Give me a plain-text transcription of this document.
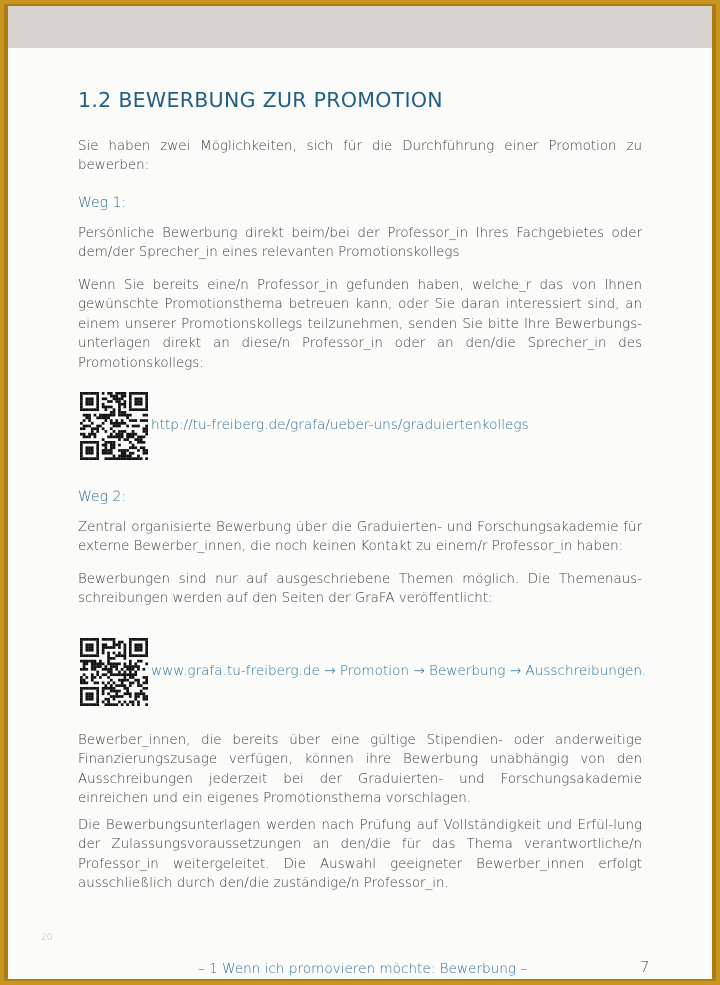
1.2 BEWERBUNG ZUR PROMOTION

Sie haben zwei Möglichkeiten, sich für die Durchführung einer Promotion zu bewerben:

Weg 1:

Persönliche Bewerbung direkt beim/bei der Professor_in Ihres Fachgebietes oder dem/der Sprecher_in eines relevanten Promotionskollegs

Wenn Sie bereits eine/n Professor_in gefunden haben, welche_r das von Ihnen gewünschte Promotionsthema betreuen kann, oder Sie daran interessiert sind, an einem unserer Promotionskollegs teilzunehmen, senden Sie bitte Ihre Bewerbungs-unterlagen direkt an diese/n Professor_in oder an den/die Sprecher_in des Promotionskollegs:

http://tu-freiberg.de/grafa/ueber-uns/graduiertenkollegs

Weg 2:

Zentral organisierte Bewerbung über die Graduierten- und Forschungsakademie für externe Bewerber_innen, die noch keinen Kontakt zu einem/r Professor_in haben:

Bewerbungen sind nur auf ausgeschriebene Themen möglich. Die Themenaus-schreibungen werden auf den Seiten der GraFA veröffentlicht:

www.grafa.tu-freiberg.de → Promotion → Bewerbung → Ausschreibungen.

Bewerber_innen, die bereits über eine gültige Stipendien- oder anderweitige Finanzierungszusage verfügen, können ihre Bewerbung unabhängig von den Ausschreibungen jederzeit bei der Graduierten- und Forschungsakademie einreichen und ein eigenes Promotionsthema vorschlagen.

Die Bewerbungsunterlagen werden nach Prüfung auf Vollständigkeit und Erfül-lung der Zulassungsvoraussetzungen an den/die für das Thema verantwortliche/n Professor_in weitergeleitet. Die Auswahl geeigneter Bewerber_innen erfolgt ausschließlich durch den/die zuständige/n Professor_in.

20
– 1 Wenn ich promovieren möchte: Bewerbung –	7
